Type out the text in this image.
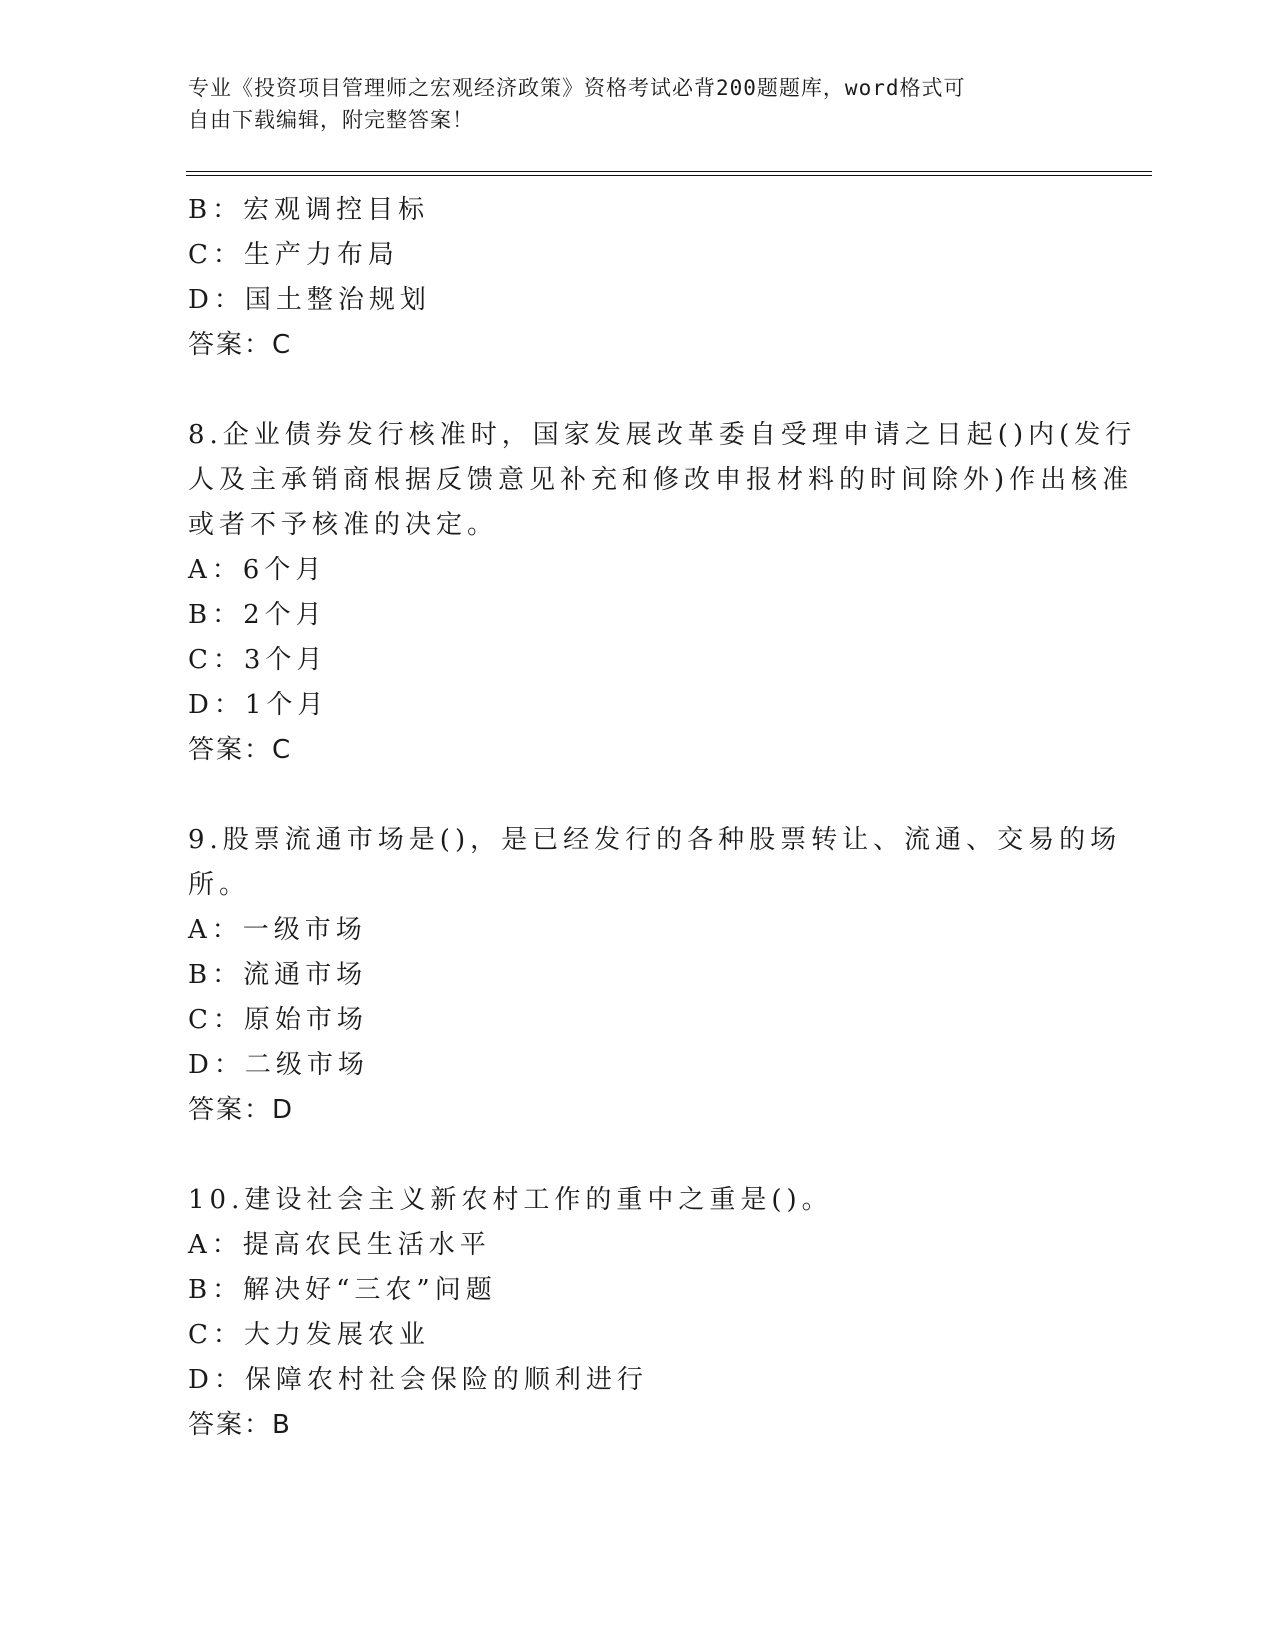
专业《投资项目管理师之宏观经济政策》资格考试必背200题题库，word格式可
自由下载编辑，附完整答案！
B：宏观调控目标
C：生产力布局
D：国土整治规划
答案：C
8.企业债券发行核准时，国家发展改革委自受理申请之日起()内(发行
人及主承销商根据反馈意见补充和修改申报材料的时间除外)作出核准
或者不予核准的决定。
A：6个月
B：2个月
C：3个月
D：1个月
答案：C
9.股票流通市场是()，是已经发行的各种股票转让、流通、交易的场
所。
A：一级市场
B：流通市场
C：原始市场
D：二级市场
答案：D
10.建设社会主义新农村工作的重中之重是()。
A：提高农民生活水平
B：解决好“三农”问题
C：大力发展农业
D：保障农村社会保险的顺利进行
答案：B
